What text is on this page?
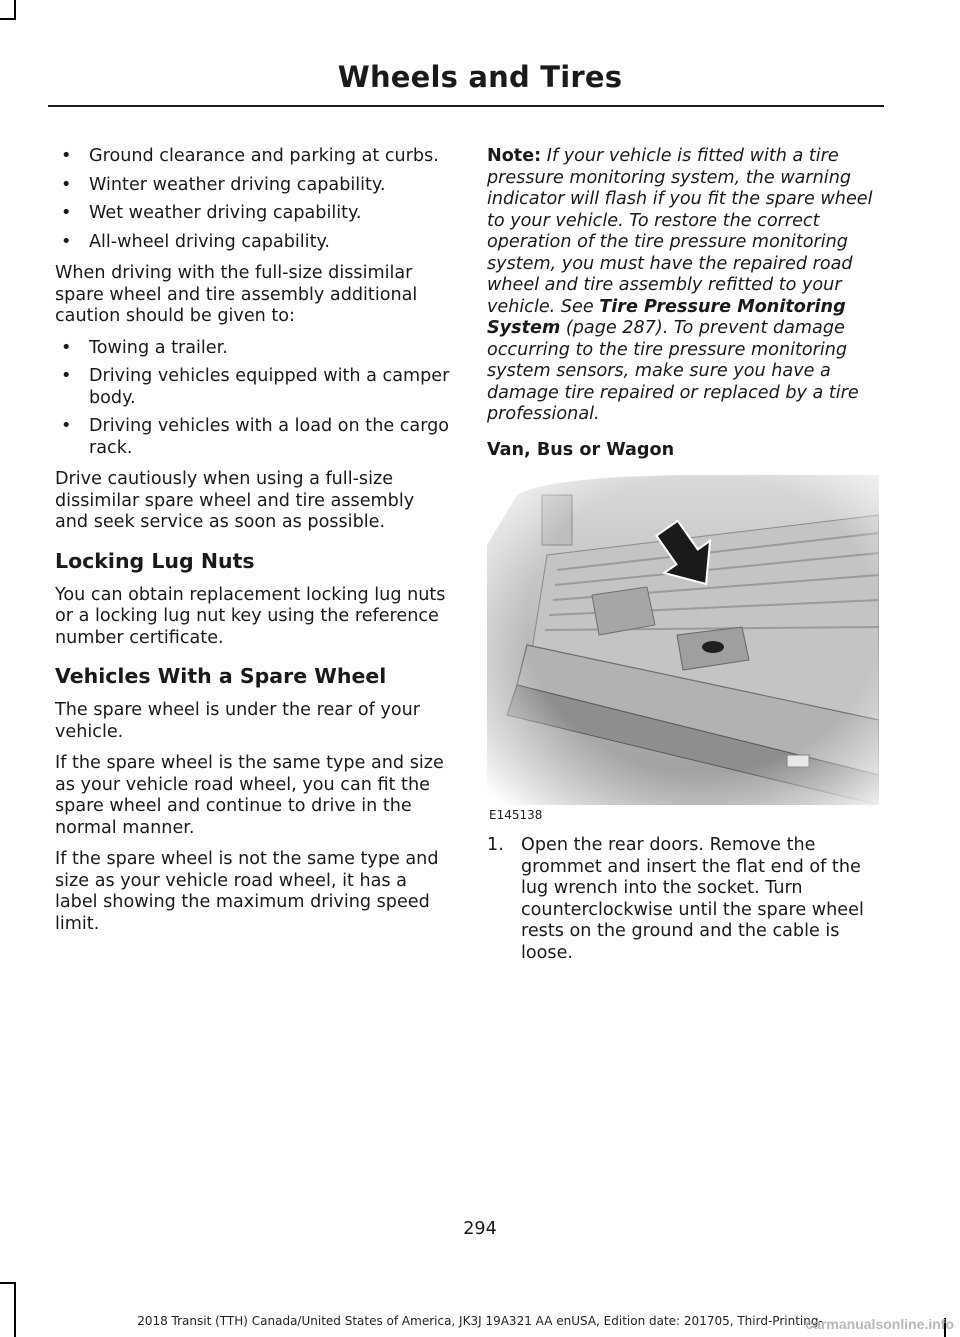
Wheels and Tires
• Ground clearance and parking at curbs.
• Winter weather driving capability.
• Wet weather driving capability.
• All-wheel driving capability.

When driving with the full-size dissimilar spare wheel and tire assembly additional caution should be given to:

• Towing a trailer.
• Driving vehicles equipped with a camper body.
• Driving vehicles with a load on the cargo rack.

Drive cautiously when using a full-size dissimilar spare wheel and tire assembly and seek service as soon as possible.

Locking Lug Nuts

You can obtain replacement locking lug nuts or a locking lug nut key using the reference number certificate.

Vehicles With a Spare Wheel

The spare wheel is under the rear of your vehicle.

If the spare wheel is the same type and size as your vehicle road wheel, you can fit the spare wheel and continue to drive in the normal manner.

If the spare wheel is not the same type and size as your vehicle road wheel, it has a label showing the maximum driving speed limit.

Note: If your vehicle is fitted with a tire pressure monitoring system, the warning indicator will flash if you fit the spare wheel to your vehicle. To restore the correct operation of the tire pressure monitoring system, you must have the repaired road wheel and tire assembly refitted to your vehicle. See Tire Pressure Monitoring System (page 287). To prevent damage occurring to the tire pressure monitoring system sensors, make sure you have a damage tire repaired or replaced by a tire professional.

Van, Bus or Wagon
E145138
1. Open the rear doors. Remove the grommet and insert the flat end of the lug wrench into the socket. Turn counterclockwise until the spare wheel rests on the ground and the cable is loose.
294
2018 Transit (TTH) Canada/United States of America, JK3J 19A321 AA enUSA, Edition date: 201705, Third-Printing-
carmanualsonline.info
